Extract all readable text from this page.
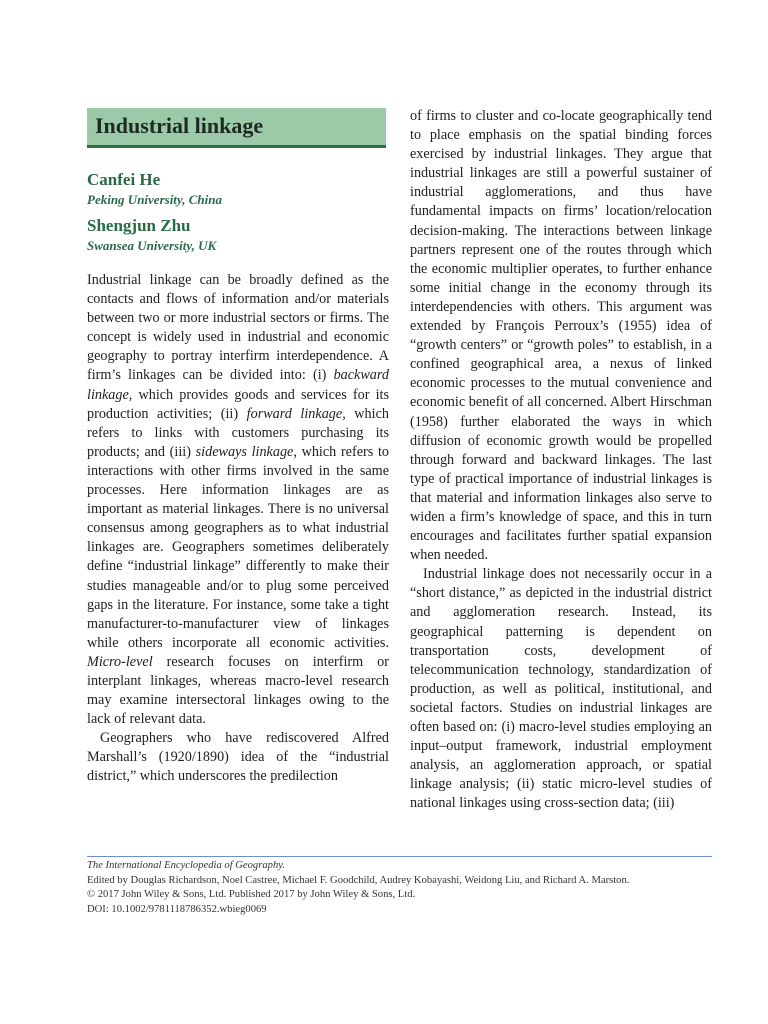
Industrial linkage
Canfei He
Peking University, China
Shengjun Zhu
Swansea University, UK

Industrial linkage can be broadly defined as the contacts and flows of information and/or materials between two or more industrial sectors or firms. The concept is widely used in industrial and economic geography to portray interfirm interdependence. A firm’s linkages can be divided into: (i) backward linkage, which provides goods and services for its production activities; (ii) forward linkage, which refers to links with customers purchasing its products; and (iii) sideways linkage, which refers to interactions with other firms involved in the same processes. Here information linkages are as important as material linkages. There is no universal consensus among geographers as to what industrial linkages are. Geographers sometimes deliberately define “industrial linkage” differently to make their studies manageable and/or to plug some perceived gaps in the literature. For instance, some take a tight manufacturer-to-manufacturer view of linkages while others incorporate all economic activities. Micro-level research focuses on interfirm or interplant linkages, whereas macro-level research may examine intersectoral linkages owing to the lack of relevant data.

Geographers who have rediscovered Alfred Marshall’s (1920/1890) idea of the “industrial district,” which underscores the predilection

of firms to cluster and co-locate geographically tend to place emphasis on the spatial binding forces exercised by industrial linkages. They argue that industrial linkages are still a powerful sustainer of industrial agglomerations, and thus have fundamental impacts on firms’ location/relocation decision-making. The interactions between linkage partners represent one of the routes through which the economic multiplier operates, to further enhance some initial change in the economy through its interdependencies with others. This argument was extended by François Perroux’s (1955) idea of “growth centers” or “growth poles” to establish, in a confined geographical area, a nexus of linked economic processes to the mutual convenience and economic benefit of all concerned. Albert Hirschman (1958) further elaborated the ways in which diffusion of economic growth would be propelled through forward and backward linkages. The last type of practical importance of industrial linkages is that material and information linkages also serve to widen a firm’s knowledge of space, and this in turn encourages and facilitates further spatial expansion when needed.

Industrial linkage does not necessarily occur in a “short distance,” as depicted in the industrial district and agglomeration research. Instead, its geographical patterning is dependent on transportation costs, development of telecommunication technology, standardization of production, as well as political, institutional, and societal factors. Studies on industrial linkages are often based on: (i) macro-level studies employing an input–output framework, industrial employment analysis, an agglomeration approach, or spatial linkage analysis; (ii) static micro-level studies of national linkages using cross-section data; (iii)

The International Encyclopedia of Geography.
Edited by Douglas Richardson, Noel Castree, Michael F. Goodchild, Audrey Kobayashi, Weidong Liu, and Richard A. Marston.
© 2017 John Wiley & Sons, Ltd. Published 2017 by John Wiley & Sons, Ltd.
DOI: 10.1002/9781118786352.wbieg0069
